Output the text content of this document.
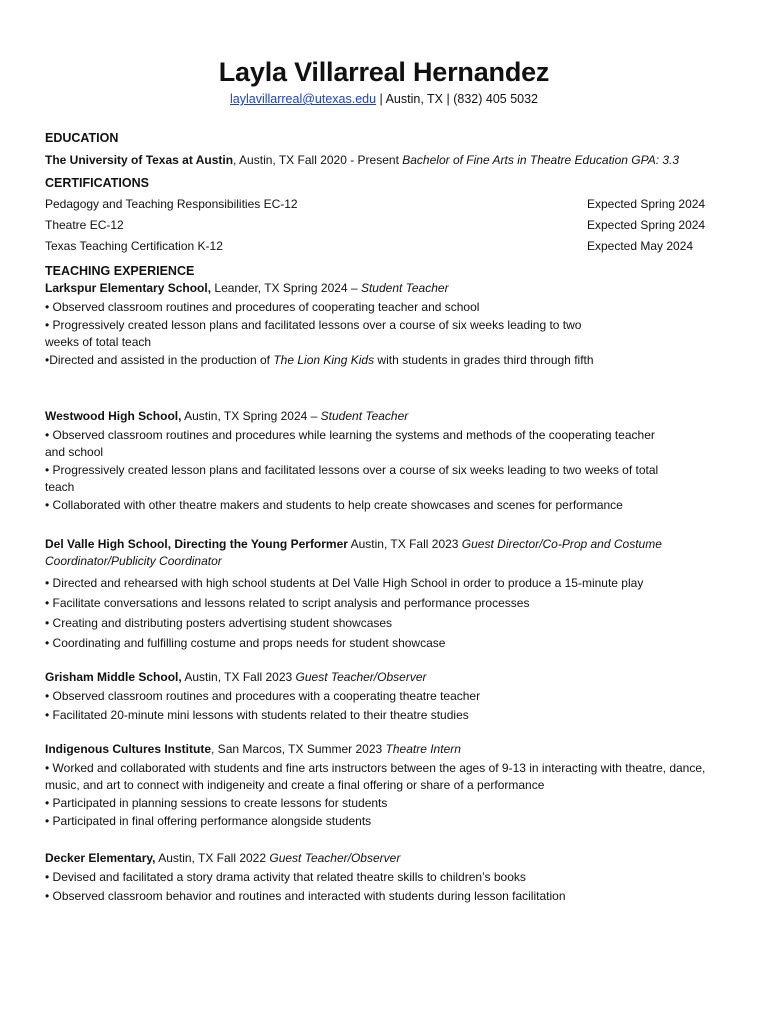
Layla Villarreal Hernandez
laylavillarreal@utexas.edu | Austin, TX | (832) 405 5032
EDUCATION
The University of Texas at Austin, Austin, TX Fall 2020 - Present Bachelor of Fine Arts in Theatre Education GPA: 3.3
CERTIFICATIONS
Pedagogy and Teaching Responsibilities EC-12	Expected Spring 2024
Theatre EC-12	Expected Spring 2024
Texas Teaching Certification K-12	Expected May 2024
TEACHING EXPERIENCE
Larkspur Elementary School, Leander, TX Spring 2024 – Student Teacher
• Observed classroom routines and procedures of cooperating teacher and school
• Progressively created lesson plans and facilitated lessons over a course of six weeks leading to two weeks of total teach
•Directed and assisted in the production of The Lion King Kids with students in grades third through fifth
Westwood High School, Austin, TX Spring 2024 – Student Teacher
• Observed classroom routines and procedures while learning the systems and methods of the cooperating teacher and school
• Progressively created lesson plans and facilitated lessons over a course of six weeks leading to two weeks of total teach
• Collaborated with other theatre makers and students to help create showcases and scenes for performance
Del Valle High School, Directing the Young Performer Austin, TX Fall 2023 Guest Director/Co-Prop and Costume Coordinator/Publicity Coordinator
• Directed and rehearsed with high school students at Del Valle High School in order to produce a 15-minute play
• Facilitate conversations and lessons related to script analysis and performance processes
• Creating and distributing posters advertising student showcases
• Coordinating and fulfilling costume and props needs for student showcase
Grisham Middle School, Austin, TX Fall 2023 Guest Teacher/Observer
• Observed classroom routines and procedures with a cooperating theatre teacher
• Facilitated 20-minute mini lessons with students related to their theatre studies
Indigenous Cultures Institute, San Marcos, TX Summer 2023 Theatre Intern
• Worked and collaborated with students and fine arts instructors between the ages of 9-13 in interacting with theatre, dance, music, and art to connect with indigeneity and create a final offering or share of a performance
• Participated in planning sessions to create lessons for students
• Participated in final offering performance alongside students
Decker Elementary, Austin, TX Fall 2022 Guest Teacher/Observer
• Devised and facilitated a story drama activity that related theatre skills to children’s books
• Observed classroom behavior and routines and interacted with students during lesson facilitation
